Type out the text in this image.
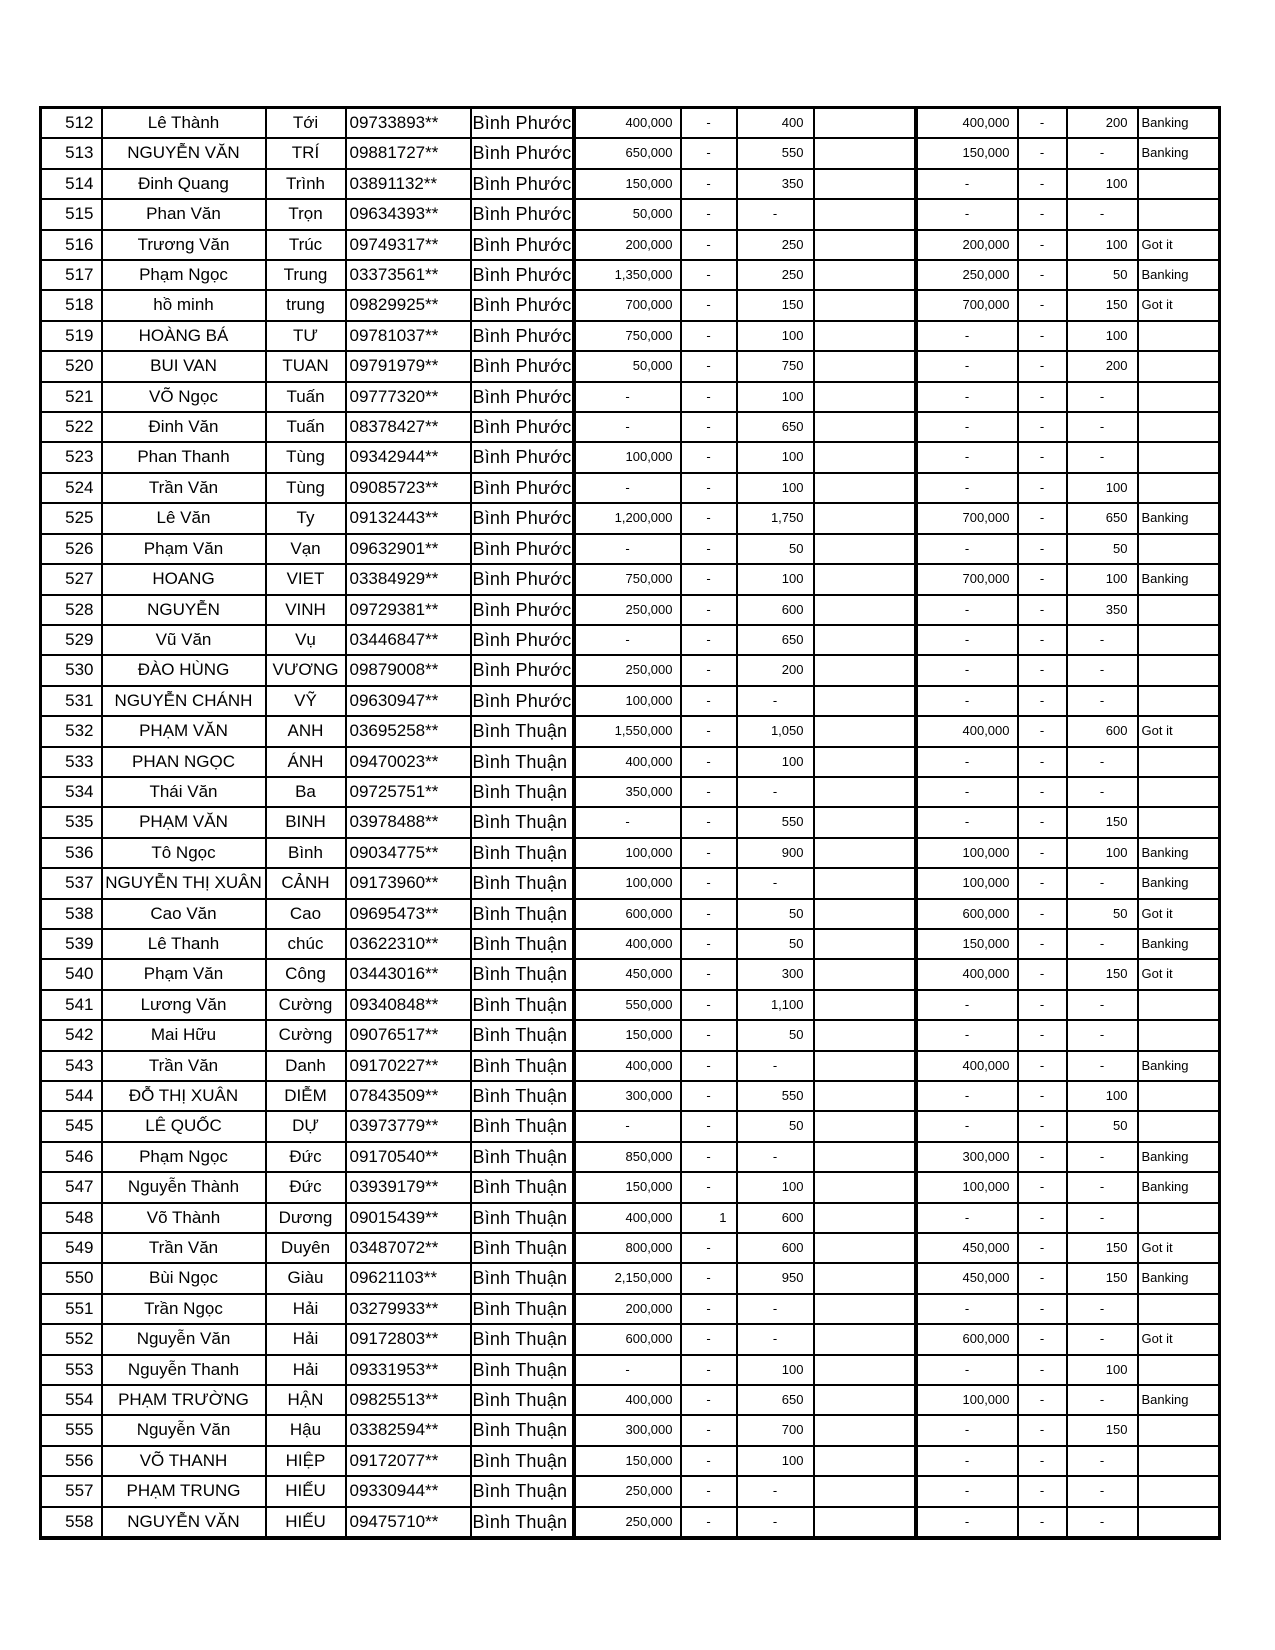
512	Lê Thành	Tới	09733893**	Bình Phước	400,000	-	400		400,000	-	200	Banking
513	NGUYỄN VĂN	TRÍ	09881727**	Bình Phước	650,000	-	550		150,000	-	-	Banking
514	Đinh Quang	Trình	03891132**	Bình Phước	150,000	-	350		-	-	100	
515	Phan Văn	Trọn	09634393**	Bình Phước	50,000	-	-		-	-	-	
516	Trương Văn	Trúc	09749317**	Bình Phước	200,000	-	250		200,000	-	100	Got it
517	Phạm Ngọc	Trung	03373561**	Bình Phước	1,350,000	-	250		250,000	-	50	Banking
518	hồ minh	trung	09829925**	Bình Phước	700,000	-	150		700,000	-	150	Got it
519	HOÀNG BÁ	TƯ	09781037**	Bình Phước	750,000	-	100		-	-	100	
520	BUI VAN	TUAN	09791979**	Bình Phước	50,000	-	750		-	-	200	
521	VÕ Ngọc	Tuấn	09777320**	Bình Phước	-	-	100		-	-	-	
522	Đinh Văn	Tuấn	08378427**	Bình Phước	-	-	650		-	-	-	
523	Phan Thanh	Tùng	09342944**	Bình Phước	100,000	-	100		-	-	-	
524	Trần Văn	Tùng	09085723**	Bình Phước	-	-	100		-	-	100	
525	Lê Văn	Ty	09132443**	Bình Phước	1,200,000	-	1,750		700,000	-	650	Banking
526	Phạm Văn	Vạn	09632901**	Bình Phước	-	-	50		-	-	50	
527	HOANG	VIET	03384929**	Bình Phước	750,000	-	100		700,000	-	100	Banking
528	NGUYỄN	VINH	09729381**	Bình Phước	250,000	-	600		-	-	350	
529	Vũ Văn	Vụ	03446847**	Bình Phước	-	-	650		-	-	-	
530	ĐÀO HÙNG	VƯƠNG	09879008**	Bình Phước	250,000	-	200		-	-	-	
531	NGUYỄN CHÁNH	VỸ	09630947**	Bình Phước	100,000	-	-		-	-	-	
532	PHẠM VĂN	ANH	03695258**	Bình Thuận	1,550,000	-	1,050		400,000	-	600	Got it
533	PHAN NGỌC	ÁNH	09470023**	Bình Thuận	400,000	-	100		-	-	-	
534	Thái Văn	Ba	09725751**	Bình Thuận	350,000	-	-		-	-	-	
535	PHẠM VĂN	BINH	03978488**	Bình Thuận	-	-	550		-	-	150	
536	Tô Ngọc	Bình	09034775**	Bình Thuận	100,000	-	900		100,000	-	100	Banking
537	NGUYỄN THỊ XUÂN	CẢNH	09173960**	Bình Thuận	100,000	-	-		100,000	-	-	Banking
538	Cao Văn	Cao	09695473**	Bình Thuận	600,000	-	50		600,000	-	50	Got it
539	Lê Thanh	chúc	03622310**	Bình Thuận	400,000	-	50		150,000	-	-	Banking
540	Phạm Văn	Công	03443016**	Bình Thuận	450,000	-	300		400,000	-	150	Got it
541	Lương Văn	Cường	09340848**	Bình Thuận	550,000	-	1,100		-	-	-	
542	Mai Hữu	Cường	09076517**	Bình Thuận	150,000	-	50		-	-	-	
543	Trần Văn	Danh	09170227**	Bình Thuận	400,000	-	-		400,000	-	-	Banking
544	ĐỖ THỊ XUÂN	DIỄM	07843509**	Bình Thuận	300,000	-	550		-	-	100	
545	LÊ QUỐC	DỰ	03973779**	Bình Thuận	-	-	50		-	-	50	
546	Phạm Ngọc	Đức	09170540**	Bình Thuận	850,000	-	-		300,000	-	-	Banking
547	Nguyễn Thành	Đức	03939179**	Bình Thuận	150,000	-	100		100,000	-	-	Banking
548	Võ Thành	Dương	09015439**	Bình Thuận	400,000	1	600		-	-	-	
549	Trần Văn	Duyên	03487072**	Bình Thuận	800,000	-	600		450,000	-	150	Got it
550	Bùi Ngọc	Giàu	09621103**	Bình Thuận	2,150,000	-	950		450,000	-	150	Banking
551	Trần Ngọc	Hải	03279933**	Bình Thuận	200,000	-	-		-	-	-	
552	Nguyễn Văn	Hải	09172803**	Bình Thuận	600,000	-	-		600,000	-	-	Got it
553	Nguyễn Thanh	Hải	09331953**	Bình Thuận	-	-	100		-	-	100	
554	PHẠM TRƯỜNG	HẬN	09825513**	Bình Thuận	400,000	-	650		100,000	-	-	Banking
555	Nguyễn Văn	Hậu	03382594**	Bình Thuận	300,000	-	700		-	-	150	
556	VÕ THANH	HIỆP	09172077**	Bình Thuận	150,000	-	100		-	-	-	
557	PHẠM TRUNG	HIẾU	09330944**	Bình Thuận	250,000	-	-		-	-	-	
558	NGUYỄN VĂN	HIẾU	09475710**	Bình Thuận	250,000	-	-		-	-	-	
